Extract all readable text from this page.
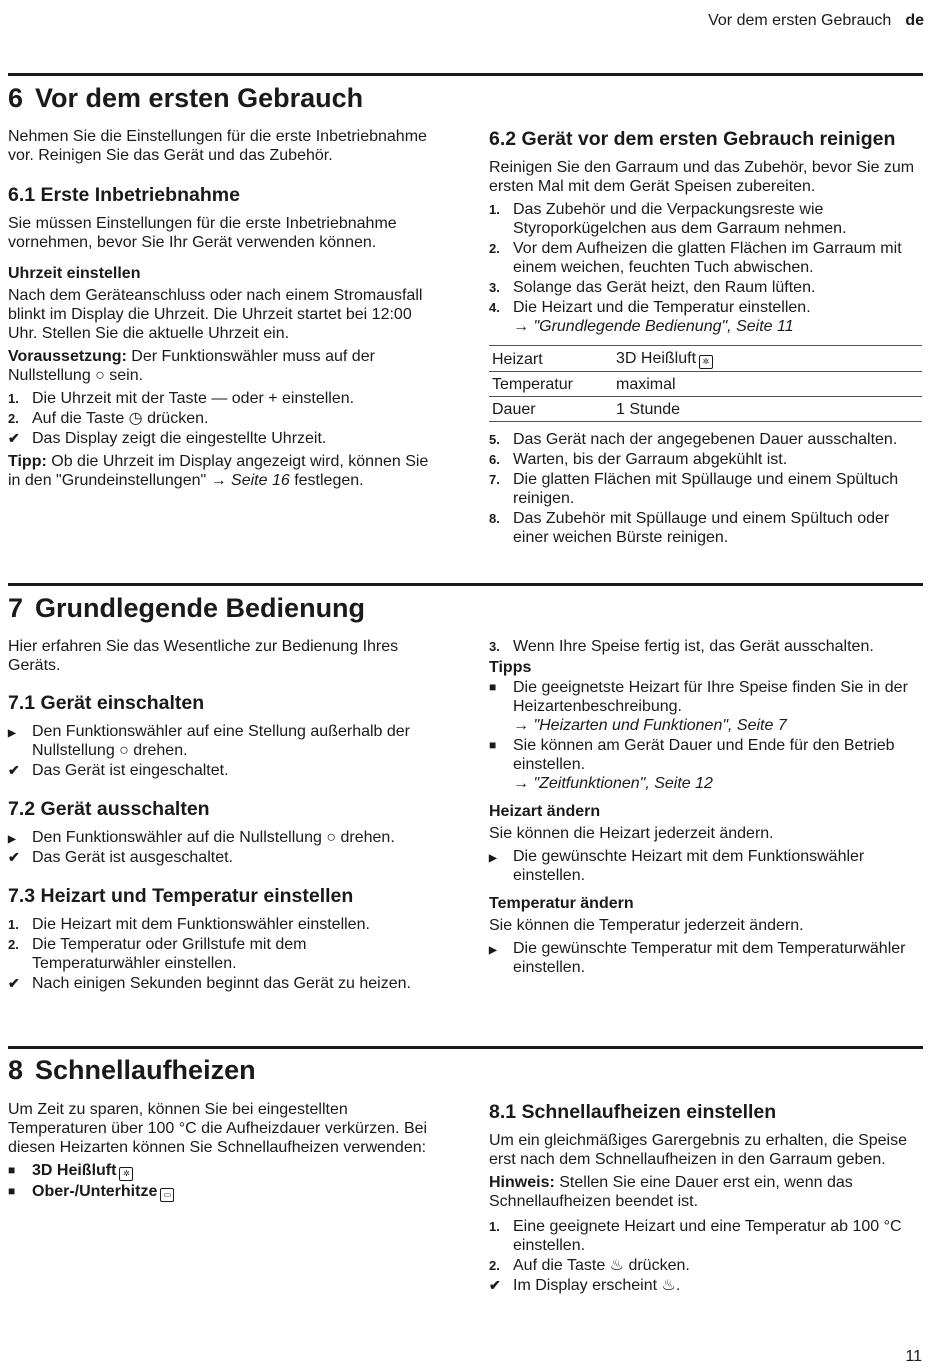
Vor dem ersten Gebrauch de
6 Vor dem ersten Gebrauch

Nehmen Sie die Einstellungen für die erste Inbetriebnahme vor. Reinigen Sie das Gerät und das Zubehör.

6.1 Erste Inbetriebnahme

Sie müssen Einstellungen für die erste Inbetriebnahme vornehmen, bevor Sie Ihr Gerät verwenden können.

Uhrzeit einstellen

Nach dem Geräteanschluss oder nach einem Stromausfall blinkt im Display die Uhrzeit. Die Uhrzeit startet bei 12:00 Uhr. Stellen Sie die aktuelle Uhrzeit ein.

Voraussetzung: Der Funktionswähler muss auf der Nullstellung ○ sein.

1. Die Uhrzeit mit der Taste — oder + einstellen.
2. Auf die Taste ◷ drücken.
✔ Das Display zeigt die eingestellte Uhrzeit.

Tipp: Ob die Uhrzeit im Display angezeigt wird, können Sie in den "Grundeinstellungen" → Seite 16 festlegen.

6.2 Gerät vor dem ersten Gebrauch reinigen

Reinigen Sie den Garraum und das Zubehör, bevor Sie zum ersten Mal mit dem Gerät Speisen zubereiten.

1. Das Zubehör und die Verpackungsreste wie Styroporkügelchen aus dem Garraum nehmen.
2. Vor dem Aufheizen die glatten Flächen im Garraum mit einem weichen, feuchten Tuch abwischen.
3. Solange das Gerät heizt, den Raum lüften.
4. Die Heizart und die Temperatur einstellen.
→ "Grundlegende Bedienung", Seite 11
Heizart	3D Heißluft ✲
Temperatur	maximal
Dauer	1 Stunde
5. Das Gerät nach der angegebenen Dauer ausschalten.
6. Warten, bis der Garraum abgekühlt ist.
7. Die glatten Flächen mit Spüllauge und einem Spültuch reinigen.
8. Das Zubehör mit Spüllauge und einem Spültuch oder einer weichen Bürste reinigen.
7 Grundlegende Bedienung

Hier erfahren Sie das Wesentliche zur Bedienung Ihres Geräts.

7.1 Gerät einschalten
▶ Den Funktionswähler auf eine Stellung außerhalb der Nullstellung ○ drehen.
✔ Das Gerät ist eingeschaltet.
7.2 Gerät ausschalten
▶ Den Funktionswähler auf die Nullstellung ○ drehen.
✔ Das Gerät ist ausgeschaltet.
7.3 Heizart und Temperatur einstellen
1. Die Heizart mit dem Funktionswähler einstellen.
2. Die Temperatur oder Grillstufe mit dem Temperaturwähler einstellen.
✔ Nach einigen Sekunden beginnt das Gerät zu heizen.
3. Wenn Ihre Speise fertig ist, das Gerät ausschalten.
Tipps
■ Die geeignetste Heizart für Ihre Speise finden Sie in der Heizartenbeschreibung.
→ "Heizarten und Funktionen", Seite 7
■ Sie können am Gerät Dauer und Ende für den Betrieb einstellen.
→ "Zeitfunktionen", Seite 12
Heizart ändern

Sie können die Heizart jederzeit ändern.

▶ Die gewünschte Heizart mit dem Funktionswähler einstellen.
Temperatur ändern

Sie können die Temperatur jederzeit ändern.

▶ Die gewünschte Temperatur mit dem Temperaturwähler einstellen.
8 Schnellaufheizen

Um Zeit zu sparen, können Sie bei eingestellten Temperaturen über 100 °C die Aufheizdauer verkürzen. Bei diesen Heizarten können Sie Schnellaufheizen verwenden:

■ 3D Heißluft ✲
■ Ober-/Unterhitze ▭
8.1 Schnellaufheizen einstellen

Um ein gleichmäßiges Garergebnis zu erhalten, die Speise erst nach dem Schnellaufheizen in den Garraum geben.

Hinweis: Stellen Sie eine Dauer erst ein, wenn das Schnellaufheizen beendet ist.

1. Eine geeignete Heizart und eine Temperatur ab 100 °C einstellen.
2. Auf die Taste ♨ drücken.
✔ Im Display erscheint ♨.
11
